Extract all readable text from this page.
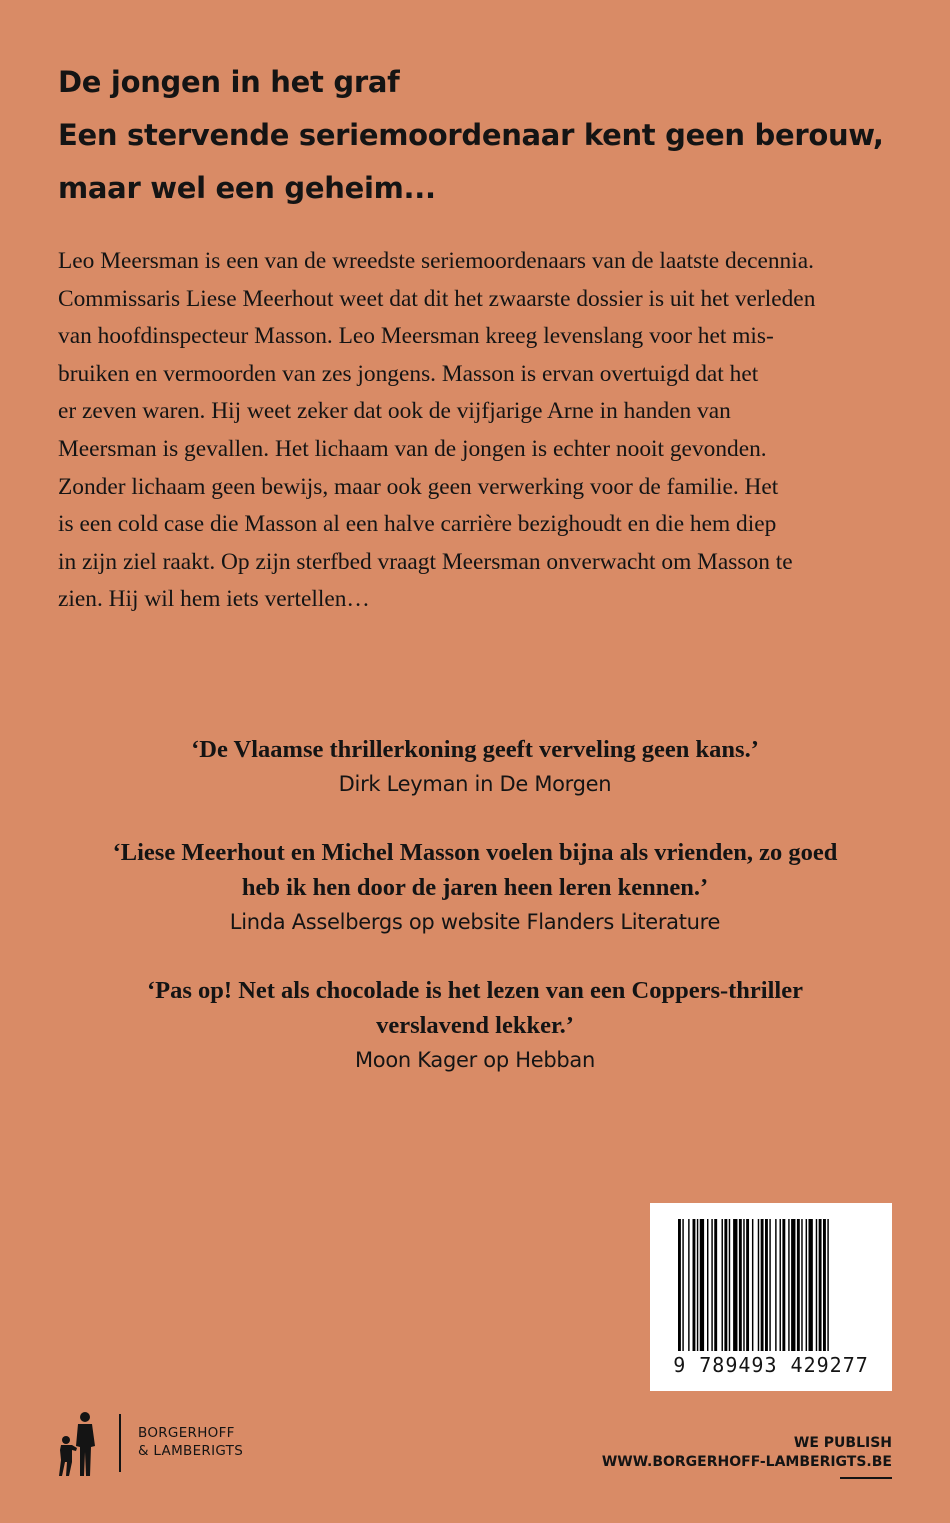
De jongen in het graf
Een stervende seriemoordenaar kent geen berouw,
maar wel een geheim...
Leo Meersman is een van de wreedste seriemoordenaars van de laatste decennia.
Commissaris Liese Meerhout weet dat dit het zwaarste dossier is uit het verleden
van hoofdinspecteur Masson. Leo Meersman kreeg levenslang voor het mis-
bruiken en vermoorden van zes jongens. Masson is ervan overtuigd dat het
er zeven waren. Hij weet zeker dat ook de vijfjarige Arne in handen van
Meersman is gevallen. Het lichaam van de jongen is echter nooit gevonden.
Zonder lichaam geen bewijs, maar ook geen verwerking voor de familie. Het
is een cold case die Masson al een halve carrière bezighoudt en die hem diep
in zijn ziel raakt. Op zijn sterfbed vraagt Meersman onverwacht om Masson te
zien. Hij wil hem iets vertellen…
‘De Vlaamse thrillerkoning geeft verveling geen kans.’
Dirk Leyman in De Morgen
‘Liese Meerhout en Michel Masson voelen bijna als vrienden, zo goed
heb ik hen door de jaren heen leren kennen.’
Linda Asselbergs op website Flanders Literature
‘Pas op! Net als chocolade is het lezen van een Coppers-thriller
verslavend lekker.’
Moon Kager op Hebban
9 789493 429277
BORGERHOFF
& LAMBERIGTS	WE PUBLISH
WWW.BORGERHOFF-LAMBERIGTS.BE
